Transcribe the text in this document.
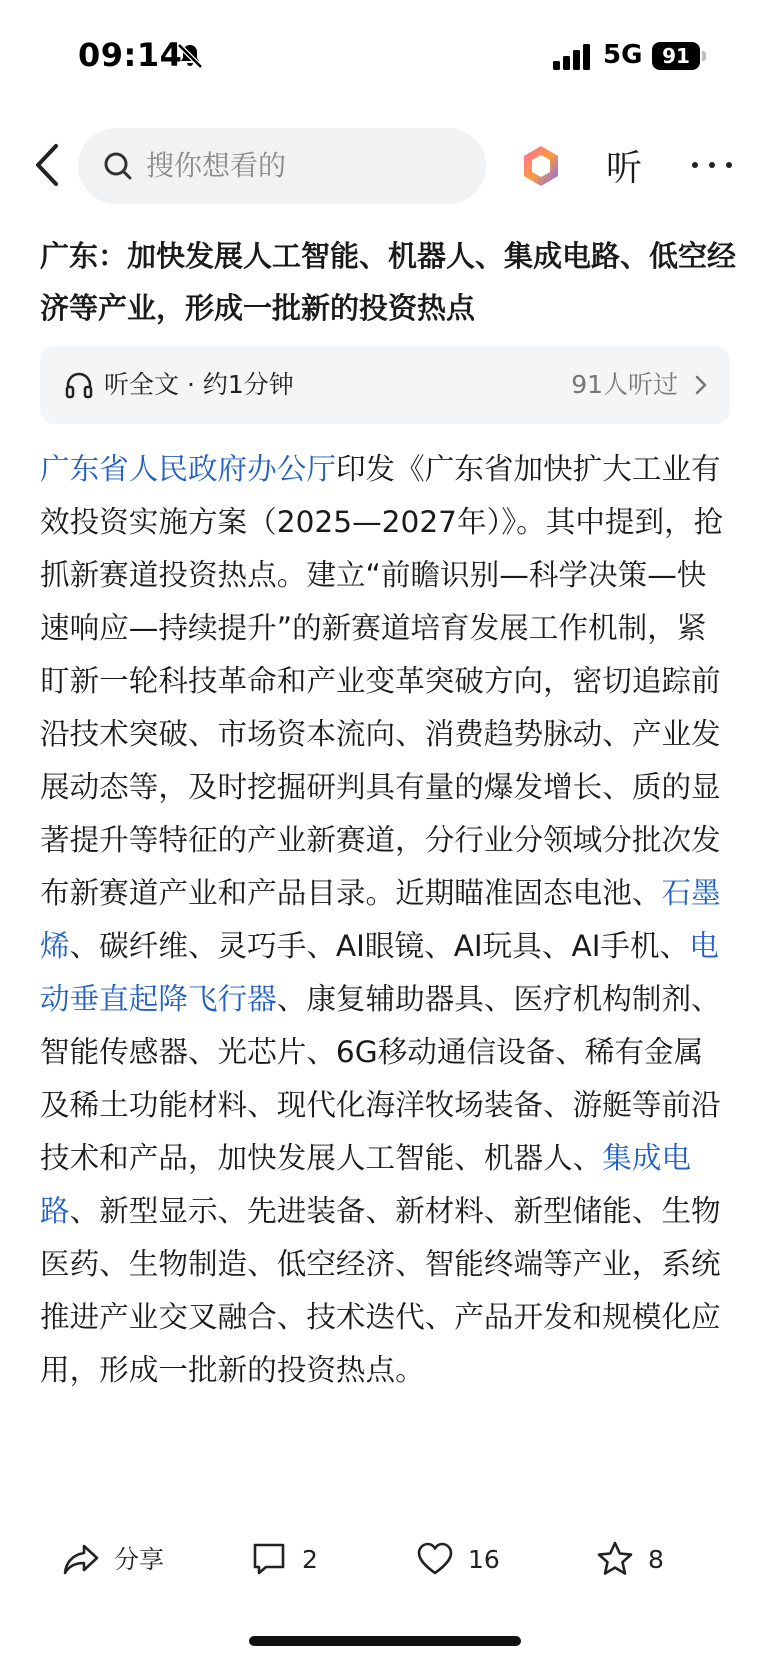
09:14	5G 91
搜你想看的	听
广东：加快发展人工智能、机器人、集成电路、低空经济等产业，形成一批新的投资热点
听全文 · 约1分钟	91人听过
广东省人民政府办公厅印发《广东省加快扩大工业有效投资实施方案（2025—2027年）》。其中提到，抢抓新赛道投资热点。建立“前瞻识别—科学决策—快速响应—持续提升”的新赛道培育发展工作机制，紧盯新一轮科技革命和产业变革突破方向，密切追踪前沿技术突破、市场资本流向、消费趋势脉动、产业发展动态等，及时挖掘研判具有量的爆发增长、质的显著提升等特征的产业新赛道，分行业分领域分批次发布新赛道产业和产品目录。近期瞄准固态电池、石墨烯、碳纤维、灵巧手、AI眼镜、AI玩具、AI手机、电动垂直起降飞行器、康复辅助器具、医疗机构制剂、智能传感器、光芯片、6G移动通信设备、稀有金属及稀土功能材料、现代化海洋牧场装备、游艇等前沿技术和产品，加快发展人工智能、机器人、集成电路、新型显示、先进装备、新材料、新型储能、生物医药、生物制造、低空经济、智能终端等产业，系统推进产业交叉融合、技术迭代、产品开发和规模化应用，形成一批新的投资热点。
分享	2	16	8
